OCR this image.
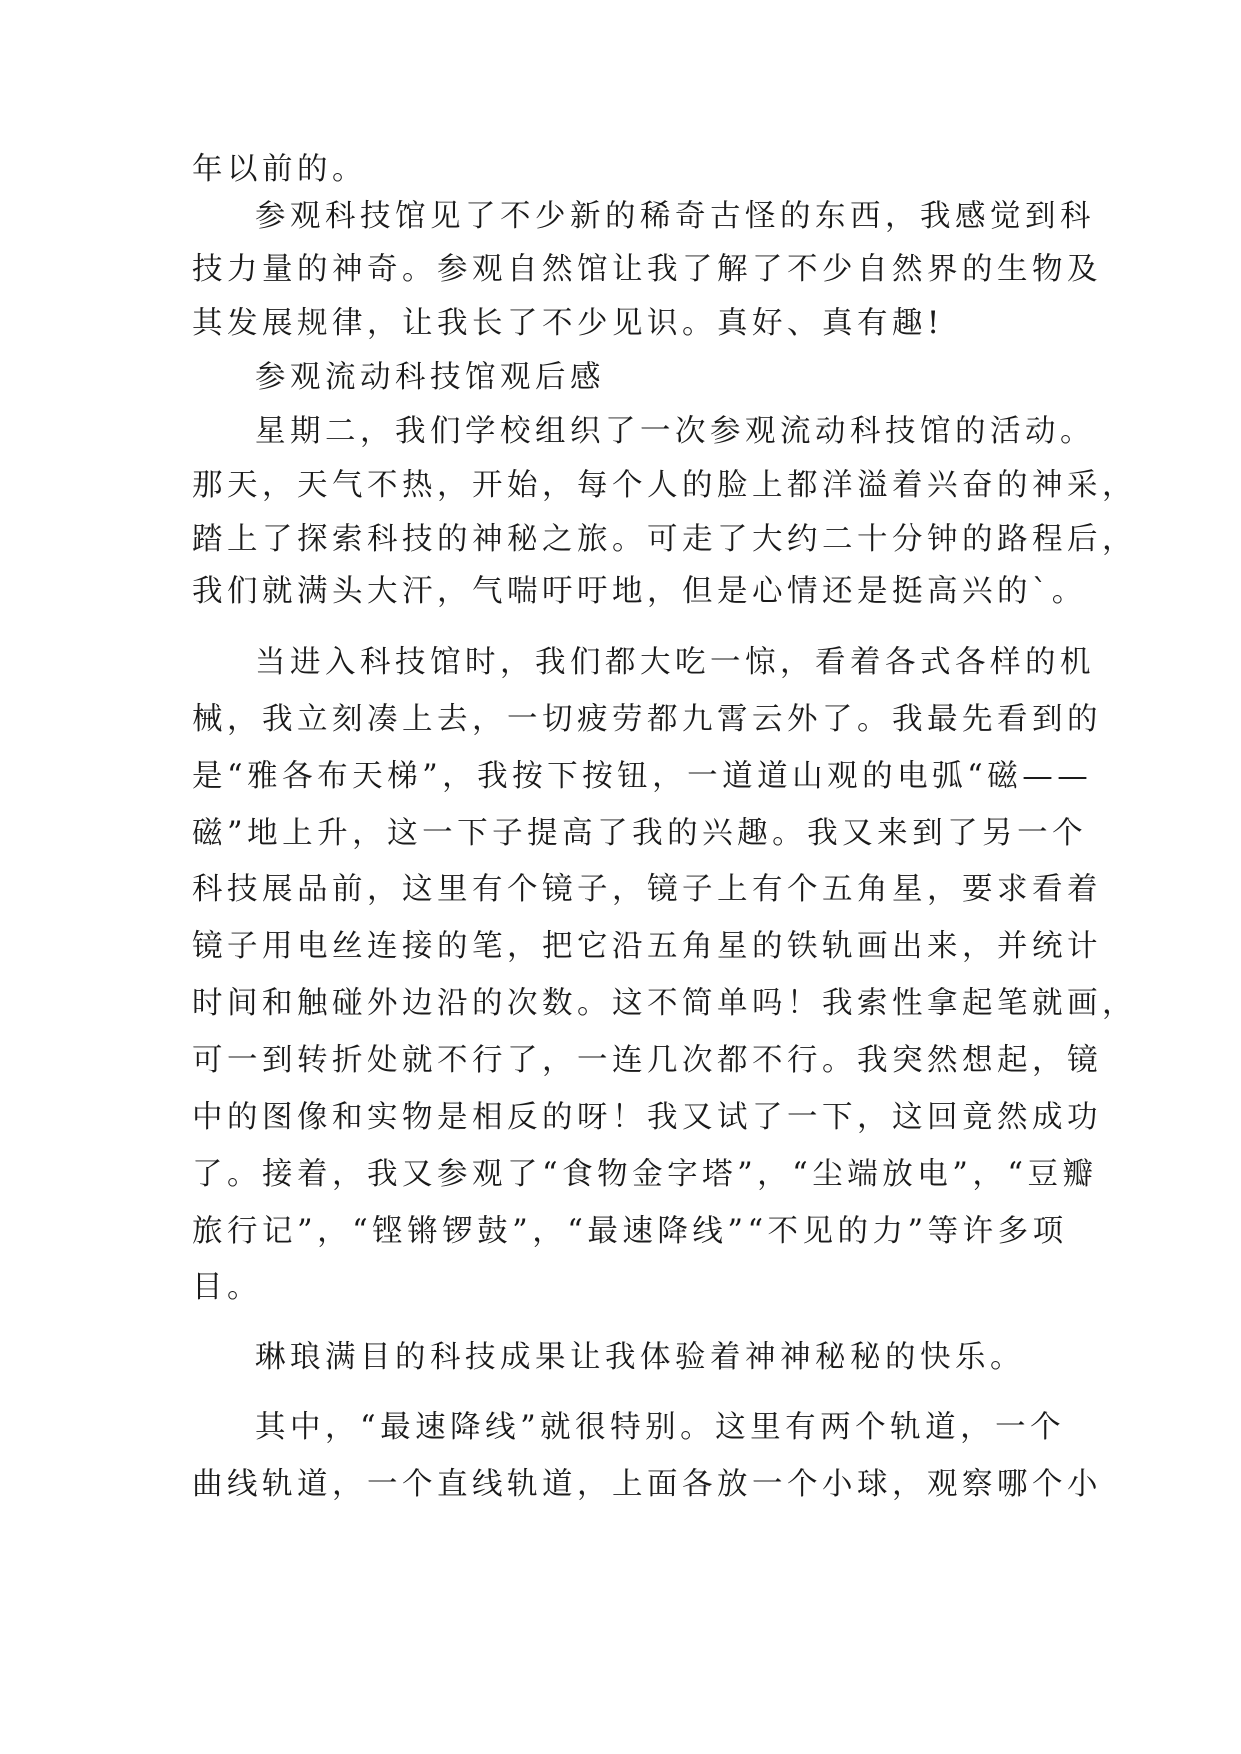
年以前的。
参观科技馆见了不少新的稀奇古怪的东西，我感觉到科
技力量的神奇。参观自然馆让我了解了不少自然界的生物及
其发展规律，让我长了不少见识。真好、真有趣!
参观流动科技馆观后感
星期二，我们学校组织了一次参观流动科技馆的活动。
那天，天气不热，开始，每个人的脸上都洋溢着兴奋的神采，
踏上了探索科技的神秘之旅。可走了大约二十分钟的路程后，
我们就满头大汗，气喘吁吁地，但是心情还是挺高兴的`。
当进入科技馆时，我们都大吃一惊，看着各式各样的机
械，我立刻凑上去，一切疲劳都九霄云外了。我最先看到的
是“雅各布天梯”，我按下按钮，一道道山观的电弧“磁——
磁”地上升，这一下子提高了我的兴趣。我又来到了另一个
科技展品前，这里有个镜子，镜子上有个五角星，要求看着
镜子用电丝连接的笔，把它沿五角星的铁轨画出来，并统计
时间和触碰外边沿的次数。这不简单吗！我索性拿起笔就画，
可一到转折处就不行了，一连几次都不行。我突然想起，镜
中的图像和实物是相反的呀！我又试了一下，这回竟然成功
了。接着，我又参观了“食物金字塔”，“尘端放电”，“豆瓣
旅行记”，“铿锵锣鼓”，“最速降线”“不见的力”等许多项
目。
琳琅满目的科技成果让我体验着神神秘秘的快乐。
其中，“最速降线”就很特别。这里有两个轨道，一个
曲线轨道，一个直线轨道，上面各放一个小球，观察哪个小
